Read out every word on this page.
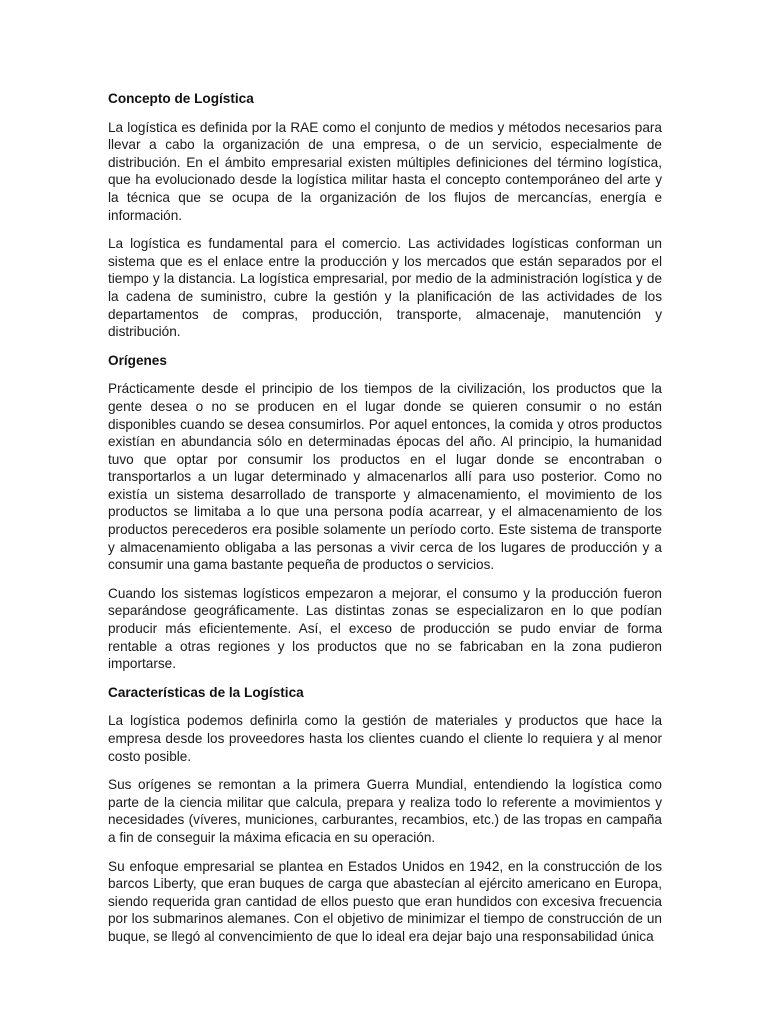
Concepto de Logística

La logística es definida por la RAE como el conjunto de medios y métodos necesarios para llevar a cabo la organización de una empresa, o de un servicio, especialmente de distribución. En el ámbito empresarial existen múltiples definiciones del término logística, que ha evolucionado desde la logística militar hasta el concepto contemporáneo del arte y la técnica que se ocupa de la organización de los flujos de mercancías, energía e información.

La logística es fundamental para el comercio. Las actividades logísticas conforman un sistema que es el enlace entre la producción y los mercados que están separados por el tiempo y la distancia. La logística empresarial, por medio de la administración logística y de la cadena de suministro, cubre la gestión y la planificación de las actividades de los departamentos de compras, producción, transporte, almacenaje, manutención y distribución.

Orígenes

Prácticamente desde el principio de los tiempos de la civilización, los productos que la gente desea o no se producen en el lugar donde se quieren consumir o no están disponibles cuando se desea consumirlos. Por aquel entonces, la comida y otros productos existían en abundancia sólo en determinadas épocas del año. Al principio, la humanidad tuvo que optar por consumir los productos en el lugar donde se encontraban o transportarlos a un lugar determinado y almacenarlos allí para uso posterior. Como no existía un sistema desarrollado de transporte y almacenamiento, el movimiento de los productos se limitaba a lo que una persona podía acarrear, y el almacenamiento de los productos perecederos era posible solamente un período corto. Este sistema de transporte y almacenamiento obligaba a las personas a vivir cerca de los lugares de producción y a consumir una gama bastante pequeña de productos o servicios.

Cuando los sistemas logísticos empezaron a mejorar, el consumo y la producción fueron separándose geográficamente. Las distintas zonas se especializaron en lo que podían producir más eficientemente. Así, el exceso de producción se pudo enviar de forma rentable a otras regiones y los productos que no se fabricaban en la zona pudieron importarse.

Características de la Logística

La logística podemos definirla como la gestión de materiales y productos que hace la empresa desde los proveedores hasta los clientes cuando el cliente lo requiera y al menor costo posible.

Sus orígenes se remontan a la primera Guerra Mundial, entendiendo la logística como parte de la ciencia militar que calcula, prepara y realiza todo lo referente a movimientos y necesidades (víveres, municiones, carburantes, recambios, etc.) de las tropas en campaña a fin de conseguir la máxima eficacia en su operación.

Su enfoque empresarial se plantea en Estados Unidos en 1942, en la construcción de los barcos Liberty, que eran buques de carga que abastecían al ejército americano en Europa, siendo requerida gran cantidad de ellos puesto que eran hundidos con excesiva frecuencia por los submarinos alemanes. Con el objetivo de minimizar el tiempo de construcción de un buque, se llegó al convencimiento de que lo ideal era dejar bajo una responsabilidad única
